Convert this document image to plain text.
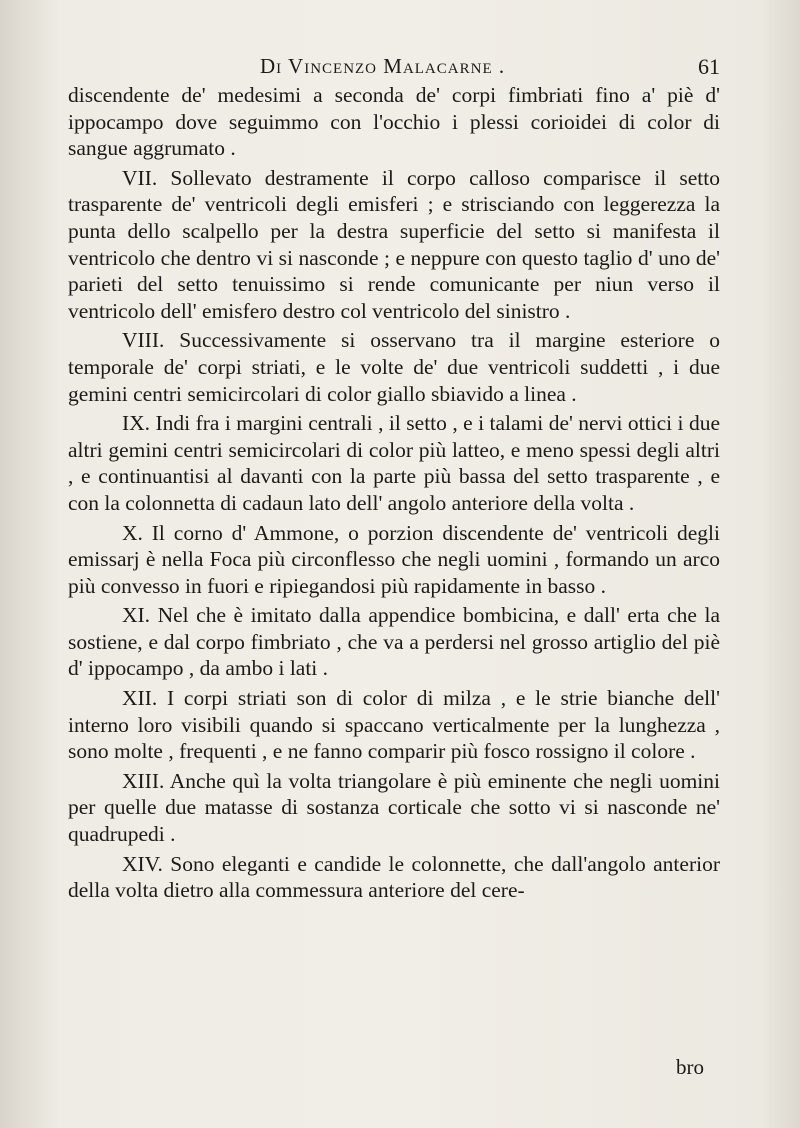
Di Vincenzo Malacarne .	61

discendente de' medesimi a seconda de' corpi fimbriati fino a' piè d' ippocampo dove seguimmo con l'occhio i plessi corioidei di color di sangue aggrumato .

VII. Sollevato destramente il corpo calloso comparisce il setto trasparente de' ventricoli degli emisferi ; e strisciando con leggerezza la punta dello scalpello per la destra superficie del setto si manifesta il ventricolo che dentro vi si nasconde ; e neppure con questo taglio d' uno de' parieti del setto tenuissimo si rende comunicante per niun verso il ventricolo dell' emisfero destro col ventricolo del sinistro .

VIII. Successivamente si osservano tra il margine esteriore o temporale de' corpi striati, e le volte de' due ventricoli suddetti , i due gemini centri semicircolari di color giallo sbiavido a linea .

IX. Indi fra i margini centrali , il setto , e i talami de' nervi ottici i due altri gemini centri semicircolari di color più latteo, e meno spessi degli altri , e continuantisi al davanti con la parte più bassa del setto trasparente , e con la colonnetta di cadaun lato dell' angolo anteriore della volta .

X. Il corno d' Ammone, o porzion discendente de' ventricoli degli emissarj è nella Foca più circonflesso che negli uomini , formando un arco più convesso in fuori e ripiegandosi più rapidamente in basso .

XI. Nel che è imitato dalla appendice bombicina, e dall' erta che la sostiene, e dal corpo fimbriato , che va a perdersi nel grosso artiglio del piè d' ippocampo , da ambo i lati .

XII. I corpi striati son di color di milza , e le strie bianche dell' interno loro visibili quando si spaccano verticalmente per la lunghezza , sono molte , frequenti , e ne fanno comparir più fosco rossigno il colore .

XIII. Anche quì la volta triangolare è più eminente che negli uomini per quelle due matasse di sostanza corticale che sotto vi si nasconde ne' quadrupedi .

XIV. Sono eleganti e candide le colonnette, che dall'angolo anterior della volta dietro alla commessura anteriore del cere-

bro
